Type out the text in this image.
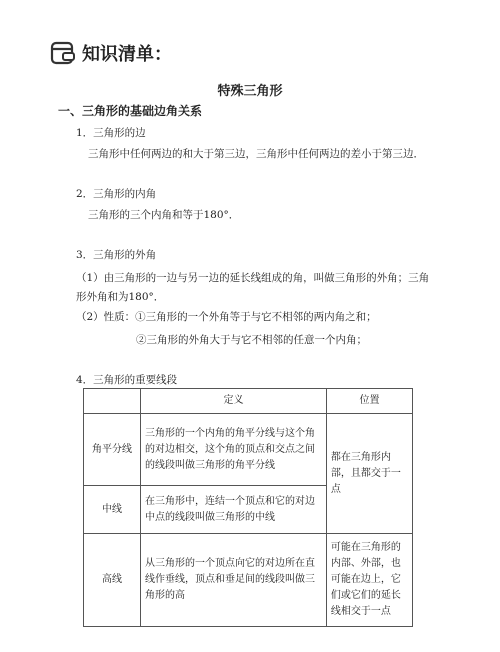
知识清单：
特殊三角形
一、三角形的基础边角关系
1．三角形的边
三角形中任何两边的和大于第三边，三角形中任何两边的差小于第三边．
2．三角形的内角
三角形的三个内角和等于180°．
3．三角形的外角
（1）由三角形的一边与另一边的延长线组成的角，叫做三角形的外角；三角形外角和为180°．
（2）性质：①三角形的一个外角等于与它不相邻的两内角之和；
②三角形的外角大于与它不相邻的任意一个内角；
4．三角形的重要线段
	定义	位置
角平分线	三角形的一个内角的角平分线与这个角的对边相交，这个角的顶点和交点之间的线段叫做三角形的角平分线	都在三角形内部，且都交于一点
中线	在三角形中，连结一个顶点和它的对边中点的线段叫做三角形的中线	
高线	从三角形的一个顶点向它的对边所在直线作垂线，顶点和垂足间的线段叫做三角形的高	可能在三角形的内部、外部，也可能在边上，它们或它们的延长线相交于一点
